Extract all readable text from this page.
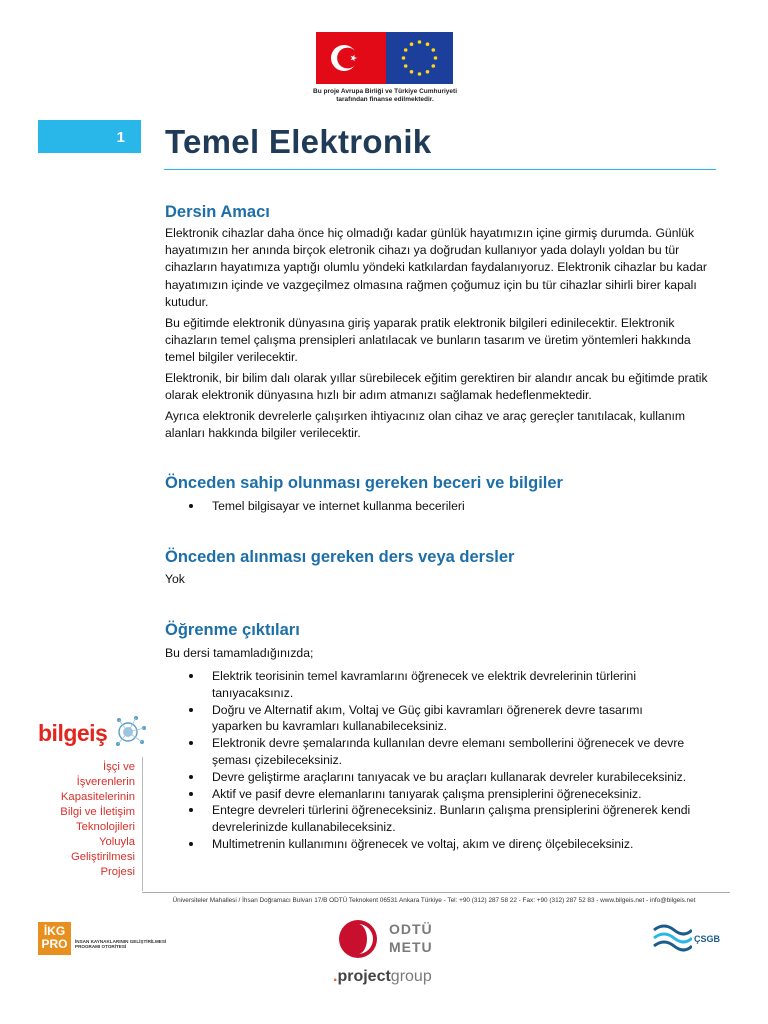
Bu proje Avrupa Birliği ve Türkiye Cumhuriyeti
tarafından finanse edilmektedir.
1 Temel Elektronik
Dersin Amacı

Elektronik cihazlar daha önce hiç olmadığı kadar günlük hayatımızın içine girmiş durumda. Günlük hayatımızın her anında birçok eletronik cihazı ya doğrudan kullanıyor yada dolaylı yoldan bu tür cihazların hayatımıza yaptığı olumlu yöndeki katkılardan faydalanıyoruz. Elektronik cihazlar bu kadar hayatımızın içinde ve vazgeçilmez olmasına rağmen çoğumuz için bu tür cihazlar sihirli birer kapalı kutudur.

Bu eğitimde elektronik dünyasına giriş yaparak pratik elektronik bilgileri edinilecektir. Elektronik cihazların temel çalışma prensipleri anlatılacak ve bunların tasarım ve üretim yöntemleri hakkında temel bilgiler verilecektir.

Elektronik, bir bilim dalı olarak yıllar sürebilecek eğitim gerektiren bir alandır ancak bu eğitimde pratik olarak elektronik dünyasına hızlı bir adım atmanızı sağlamak hedeflenmektedir.

Ayrıca elektronik devrelerle çalışırken ihtiyacınız olan cihaz ve araç gereçler tanıtılacak, kullanım alanları hakkında bilgiler verilecektir.

Önceden sahip olunması gereken beceri ve bilgiler
Temel bilgisayar ve internet kullanma becerileri
Önceden alınması gereken ders veya dersler

Yok

Öğrenme çıktıları

Bu dersi tamamladığınızda;

Elektrik teorisinin temel kavramlarını öğrenecek ve elektrik devrelerinin türlerini tanıyacaksınız.
Doğru ve Alternatif akım, Voltaj ve Güç gibi kavramları öğrenerek devre tasarımı yaparken bu kavramları kullanabileceksiniz.
Elektronik devre şemalarında kullanılan devre elemanı sembollerini öğrenecek ve devre şeması çizebileceksiniz.
Devre geliştirme araçlarını tanıyacak ve bu araçları kullanarak devreler kurabileceksiniz.
Aktif ve pasif devre elemanlarını tanıyarak çalışma prensiplerini öğreneceksiniz.
Entegre devreleri türlerini öğreneceksiniz. Bunların çalışma prensiplerini öğrenerek kendi devrelerinizde kullanabileceksiniz.
Multimetrenin kullanımını öğrenecek ve voltaj, akım ve direnç ölçebileceksiniz.
bilgeiş
İşçi ve
İşverenlerin
Kapasitelerinin
Bilgi ve İletişim
Teknolojileri
Yoluyla
Geliştirilmesi
Projesi
Üniversiteler Mahallesi / İhsan Doğramacı Bulvarı 17/B ODTÜ Teknokent 06531 Ankara Türkiye - Tel: +90 (312) 287 58 22 - Fax: +90 (312) 287 52 83 - www.bilgeis.net - info@bilgeis.net
İKG
PRO	İNSAN KAYNAKLARININ GELİŞTİRİLMESİ PROGRAMI OTORİTESİ
ODTÜ
METU
.projectgroup
ÇSGB
